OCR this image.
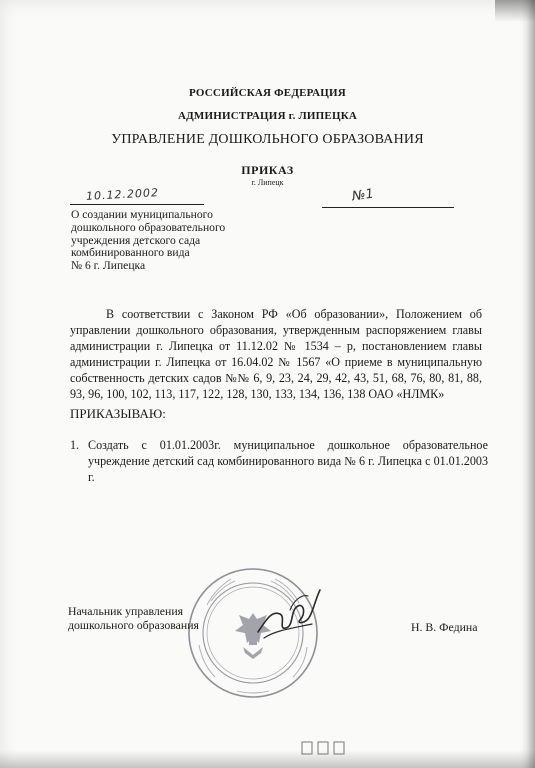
РОССИЙСКАЯ ФЕДЕРАЦИЯ
АДМИНИСТРАЦИЯ г. ЛИПЕЦКА
УПРАВЛЕНИЕ ДОШКОЛЬНОГО ОБРАЗОВАНИЯ
ПРИКАЗ
г. Липецк
10.12.2002	№1
О создании муниципального
дошкольного образовательного
учреждения детского сада
комбинированного вида
№ 6 г. Липецка

В соответствии с Законом РФ «Об образовании», Положением об управлении дошкольного образования, утвержденным распоряжением главы администрации г. Липецка от 11.12.02 № 1534 – р, постановлением главы администрации г. Липецка от 16.04.02 № 1567 «О приеме в муниципальную собственность детских садов №№ 6, 9, 23, 24, 29, 42, 43, 51, 68, 76, 80, 81, 88, 93, 96, 100, 102, 113, 117, 122, 128, 130, 133, 134, 136, 138 ОАО «НЛМК»

ПРИКАЗЫВАЮ:
1. Создать с 01.01.2003г. муниципальное дошкольное образовательное учреждение детский сад комбинированного вида № 6 г. Липецка с 01.01.2003 г.
Начальник управления
дошкольного образования	Н. В. Федина
